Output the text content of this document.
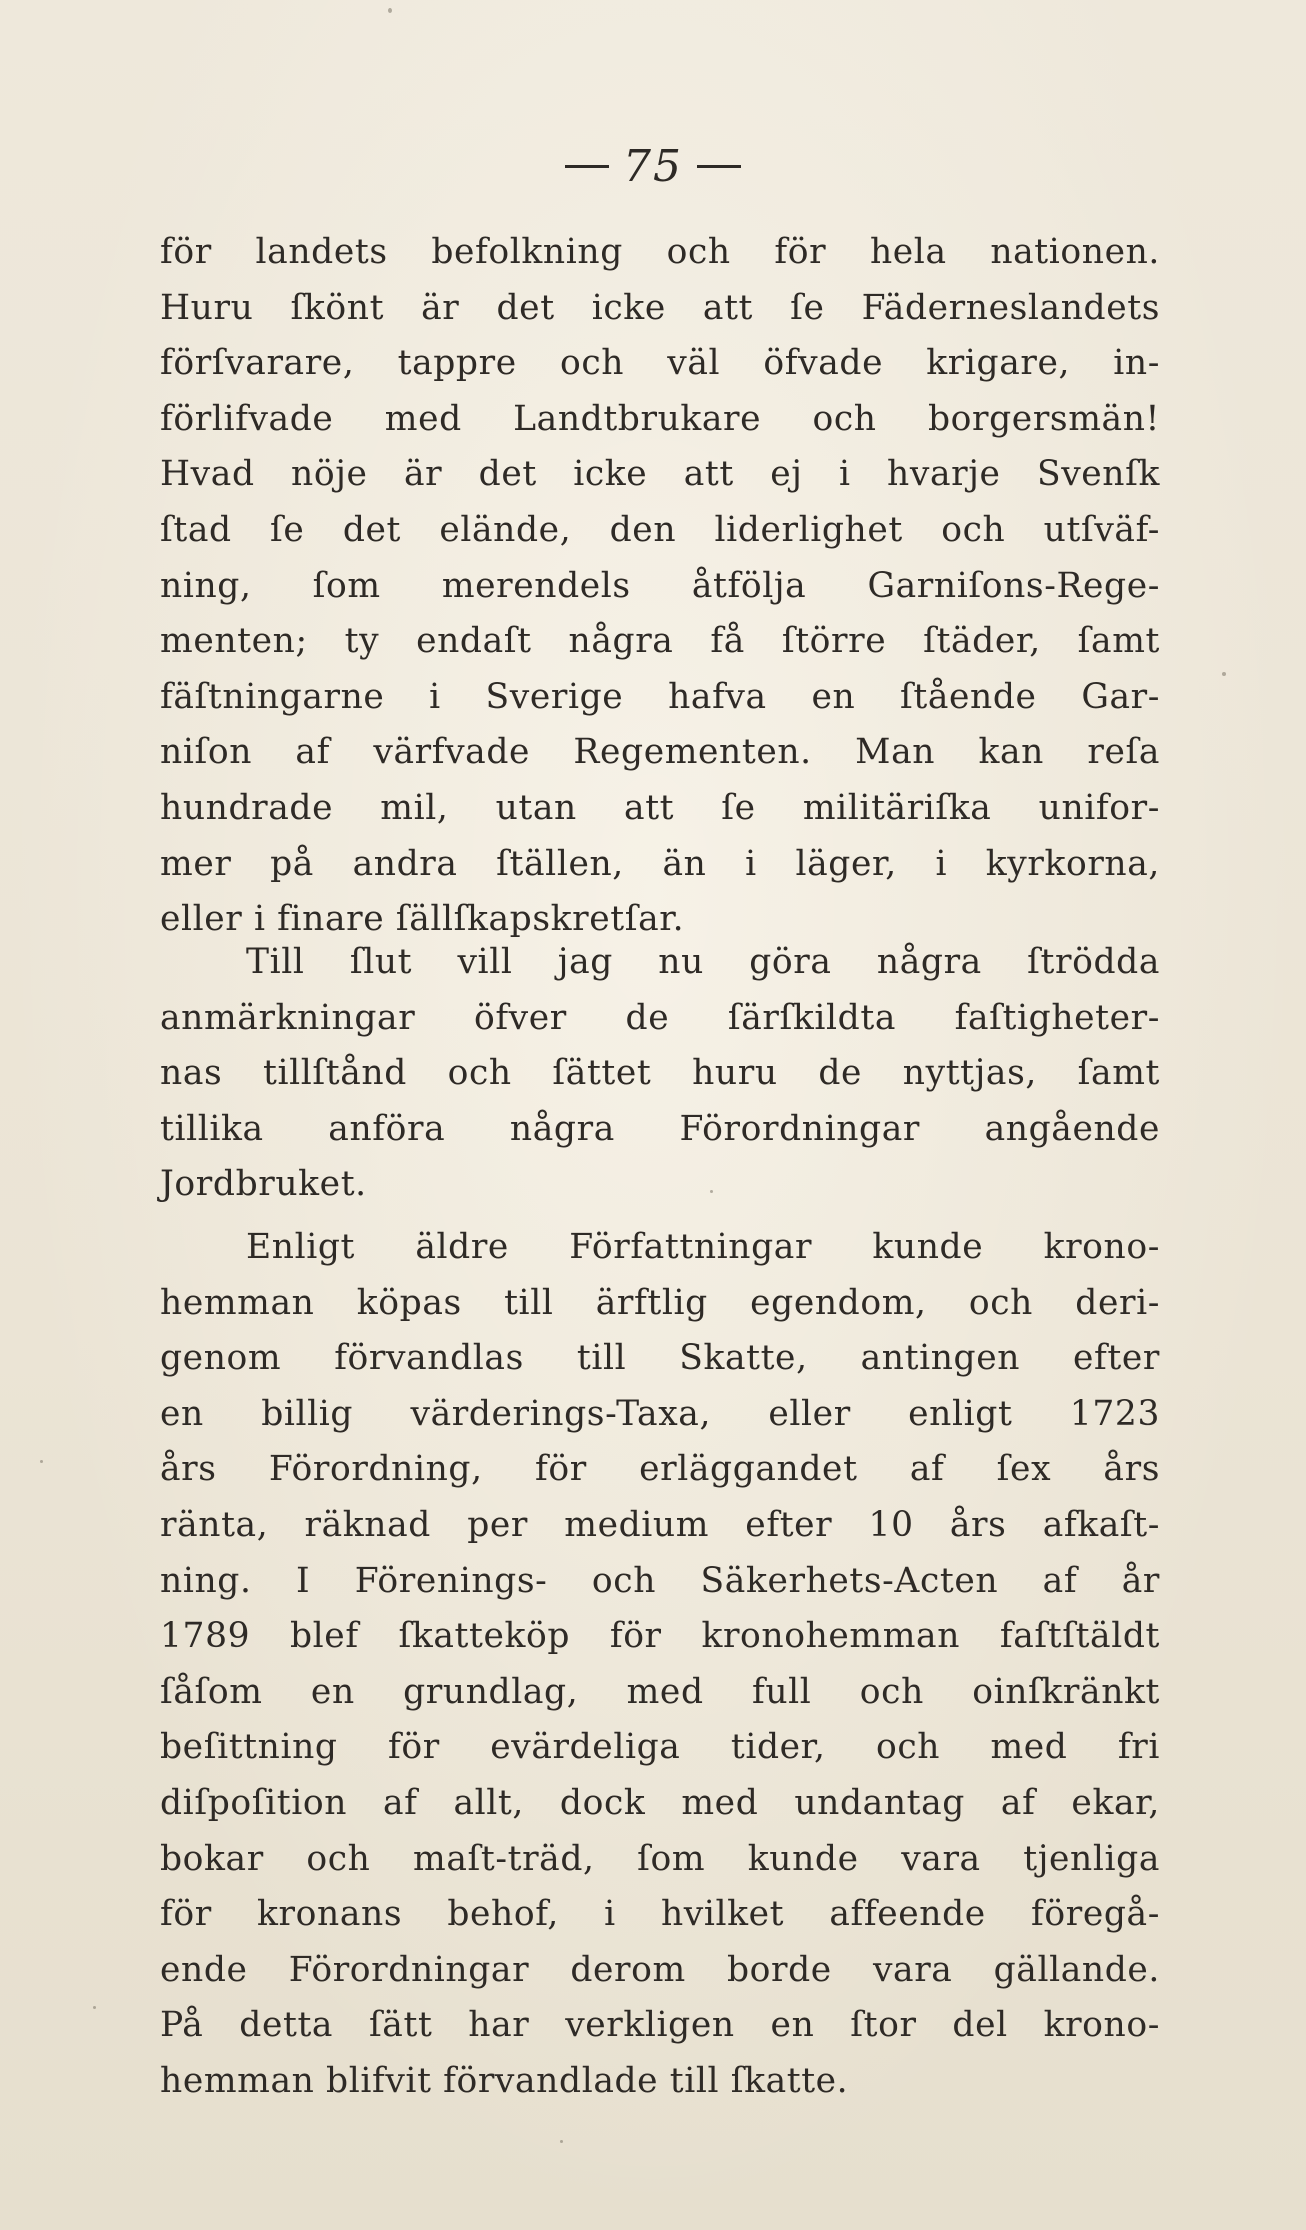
75
för landets befolkning och för hela nationen.
Huru ſkönt är det icke att ſe Fäderneslandets
förſvarare, tappre och väl öfvade krigare, in-
förlifvade med Landtbrukare och borgersmän!
Hvad nöje är det icke att ej i hvarje Svenſk
ſtad ſe det elände, den liderlighet och utſväf-
ning, ſom merendels åtfölja Garniſons-Rege-
menten; ty endaſt några få ſtörre ſtäder, ſamt
fäſtningarne i Sverige hafva en ſtående Gar-
niſon af värfvade Regementen. Man kan reſa
hundrade mil, utan att ſe militäriſka unifor-
mer på andra ſtällen, än i läger, i kyrkorna,
eller i finare ſällſkapskretſar.
Till ſlut vill jag nu göra några ſtrödda
anmärkningar öfver de ſärſkildta faſtigheter-
nas tillſtånd och ſättet huru de nyttjas, ſamt
tillika anföra några Förordningar angående
Jordbruket.
Enligt äldre Författningar kunde krono-
hemman köpas till ärftlig egendom, och deri-
genom förvandlas till Skatte, antingen efter
en billig värderings-Taxa, eller enligt 1723
års Förordning, för erläggandet af ſex års
ränta, räknad per medium efter 10 års afkaſt-
ning. I Förenings- och Säkerhets-Acten af år
1789 blef ſkatteköp för kronohemman faſtſtäldt
ſåſom en grundlag, med full och oinſkränkt
beſittning för evärdeliga tider, och med fri
diſpoſition af allt, dock med undantag af ekar,
bokar och maſt-träd, ſom kunde vara tjenliga
för kronans behof, i hvilket affeende föregå-
ende Förordningar derom borde vara gällande.
På detta ſätt har verkligen en ſtor del krono-
hemman blifvit förvandlade till ſkatte.
